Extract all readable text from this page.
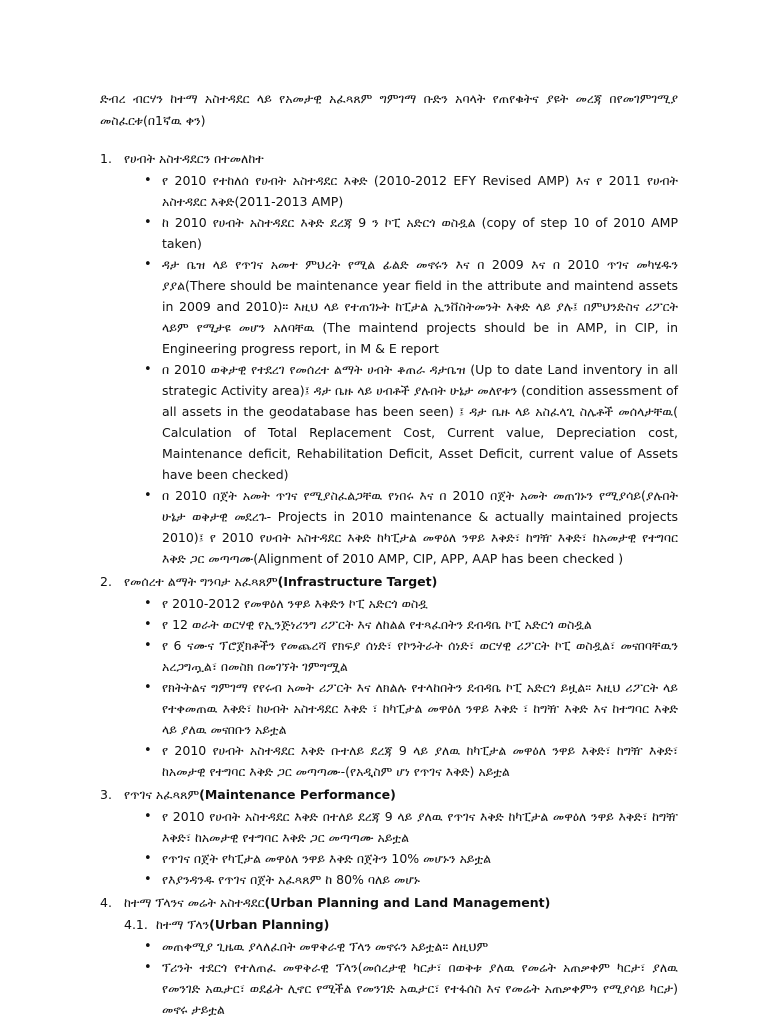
ድብረ ብርሃን ከተማ አስተዳደር ላይ የአመታዊ አፈጻጸም ግምገማ ቡድን አባላት የጠየቁትና ያዩት መረጃ በየመገምገሚያ መስፈርቱ(በ1ኛዉ ቀን)

1. የሀብት አስተዳደርን በተመለከተ
• የ 2010 የተከለሰ የሀብት አስተዳደር እቅድ (2010-2012 EFY Revised AMP) እና የ 2011 የሀብት አስተዳደር እቅድ(2011-2013 AMP)
• ከ 2010 የሀብት አስተዳደር እቅድ ደረጃ 9 ን ኮፒ አድርጎ ወስዷል (copy of step 10 of 2010 AMP taken)
• ዳታ ቤዝ ላይ የጥገና አመተ ምህረት የሚል ፊልድ መኖሩን እና በ 2009 እና በ 2010 ጥገና መካሄዱን ያያል(There should be maintenance year field in the attribute and maintend assets in 2009 and 2010)። እዚህ ላይ የተጠገኑት ከፒታል ኢንቨስትመንት እቅድ ላይ ያሉ፤ በምህንድስና ሪፖርት ላይም የሚታዩ መሆን አለባቸዉ (The maintend projects should be in AMP, in CIP, in Engineering progress report, in M & E report
• በ 2010 ወቅታዊ የተደረገ የመሰረተ ልማት ሀብት ቆጠራ ዳታቤዝ (Up to date Land inventory in all strategic Activity area)፤ ዳታ ቤዙ ላይ ሀብቶች ያሉበት ሁኔታ መለየቱን (condition assessment of all assets in the geodatabase has been seen) ፤ ዳታ ቤዙ ላይ አስፈላጊ ስሌቶች መሰላታቸዉ( Calculation of Total Replacement Cost, Current value, Depreciation cost, Maintenance deficit, Rehabilitation Deficit, Asset Deficit, current value of Assets have been checked)
• በ 2010 በጀት አመት ጥገና የሚያስፈልጋቸዉ የነበሩ እና በ 2010 በጀት አመት መጠገኑን የሚያሳይ(ያሉበት ሁኔታ ወቅታዊ መደረጉ- Projects in 2010 maintenance & actually maintained projects 2010)፤ የ 2010 የሀብት አስተዳደር እቅድ ከካፒታል መዋዕለ ንዋይ እቅድ፣ ከግዥ እቅድ፣ ከአመታዊ የተግባር እቅድ ጋር መጣጣሙ(Alignment of 2010 AMP, CIP, APP, AAP has been checked )
2. የመሰረተ ልማት ግንባታ አፈጻጸም(Infrastructure Target)
• የ 2010-2012 የመዋዕለ ንዋይ እቅድን ኮፒ አድርጎ ወስዷ
• የ 12 ወራት ወርሃዊ የኢንጅነሪንግ ሪፖርት እና ለከልል የተጻፈበትን ደብዳቤ ኮፒ አድርጎ ወስዷል
• የ 6 ናሙና ፕሮጀክቶችን የመጨረሻ የክፍያ ሰነድ፣ የኮንትራት ሰነድ፣ ወርሃዊ ሪፖርት ኮፒ ወስዷል፣ መናበባቸዉን አረጋግጧል፣ በመስክ በመገኘት ገምግሟል
• የክትትልና ግምገማ የየሩብ አመት ሪፖርት እና ለክልሉ የተላከበትን ደብዳቤ ኮፒ አድርጎ ይዟል። እዚህ ሪፖርት ላይ የተቀመጠዉ እቅድ፣ ከሀብት አስተዳደር እቅድ ፣ ከካፒታል መዋዕለ ንዋይ እቅድ ፣ ከግዥ እቅድ እና ከተግባር እቅድ ላይ ያለዉ መናበቡን አይቷል
• የ 2010 የሀብት አስተዳደር እቅድ ቡተለይ ደረጃ 9 ላይ ያለዉ ከካፒታል መዋዕለ ንዋይ እቅድ፣ ከግዥ እቅድ፣ ከአመታዊ የተግባር እቅድ ጋር መጣጣሙ-(የአዲስም ሆነ የጥገና እቅድ) አይቷል
3. የጥገና አፈጻጸም(Maintenance Performance)
• የ 2010 የሀብት አስተዳደር እቅድ በተለይ ደረጃ 9 ላይ ያለዉ የጥገና እቅድ ከካፒታል መዋዕለ ንዋይ እቅድ፣ ከግዥ እቅድ፣ ከአመታዊ የተግባር እቅድ ጋር መጣጣሙ አይቷል
• የጥገና በጀት የካፒታል መዋዕለ ንዋይ እቅድ በጀትን 10% መሆኑን አይቷል
• የእያንዳንዱ የጥገና በጀት አፈጻጸም ከ 80% ባለይ መሆኑ
4. ከተማ ፕላንና መሬት አስተዳደር(Urban Planning and Land Management)
4.1. ከተማ ፕላን(Urban Planning)
• መጠቀሚያ ጊዜዉ ያላለፈበት መዋቅራዊ ፕላን መኖሩን አይቷል። ለዚህም
• ፕሪንት ተደርጎ የተለጠፈ መዋቅራዊ ፕላን(መሰረታዊ ካርታ፣ በወቅቱ ያለዉ የመሬት አጠቃቀም ካርታ፣ ያለዉ የመንገድ አዉታር፣ ወደፊት ሊኖር የሚችል የመንገድ አዉታር፣ የተፋሰስ እና የመሬት አጠቃቀምን የሚያሳይ ካርታ) መኖሩ ታይቷል
